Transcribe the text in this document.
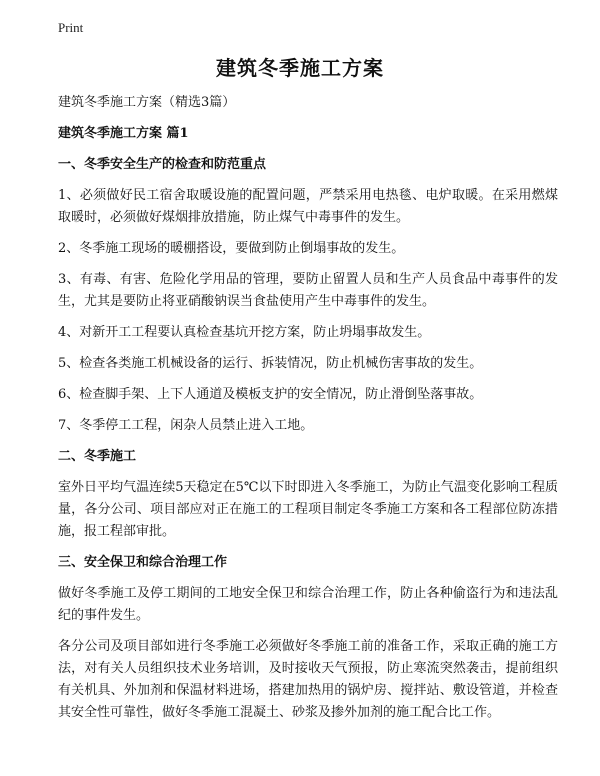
Print
建筑冬季施工方案

建筑冬季施工方案（精选3篇）

建筑冬季施工方案 篇1

一、冬季安全生产的检查和防范重点

1、必须做好民工宿舍取暖设施的配置问题，严禁采用电热毯、电炉取暖。在采用燃煤取暖时，必须做好煤烟排放措施，防止煤气中毒事件的发生。

2、冬季施工现场的暖棚搭设，要做到防止倒塌事故的发生。

3、有毒、有害、危险化学用品的管理，要防止留置人员和生产人员食品中毒事件的发生，尤其是要防止将亚硝酸钠误当食盐使用产生中毒事件的发生。

4、对新开工工程要认真检查基坑开挖方案，防止坍塌事故发生。

5、检查各类施工机械设备的运行、拆装情况，防止机械伤害事故的发生。

6、检查脚手架、上下人通道及模板支护的安全情况，防止滑倒坠落事故。

7、冬季停工工程，闲杂人员禁止进入工地。

二、冬季施工

室外日平均气温连续5天稳定在5℃以下时即进入冬季施工，为防止气温变化影响工程质量，各分公司、项目部应对正在施工的工程项目制定冬季施工方案和各工程部位防冻措施，报工程部审批。

三、安全保卫和综合治理工作

做好冬季施工及停工期间的工地安全保卫和综合治理工作，防止各种偷盗行为和违法乱纪的事件发生。

各分公司及项目部如进行冬季施工必须做好冬季施工前的准备工作，采取正确的施工方法，对有关人员组织技术业务培训，及时接收天气预报，防止寒流突然袭击，提前组织有关机具、外加剂和保温材料进场，搭建加热用的锅炉房、搅拌站、敷设管道，并检查其安全性可靠性，做好冬季施工混凝土、砂浆及掺外加剂的施工配合比工作。
